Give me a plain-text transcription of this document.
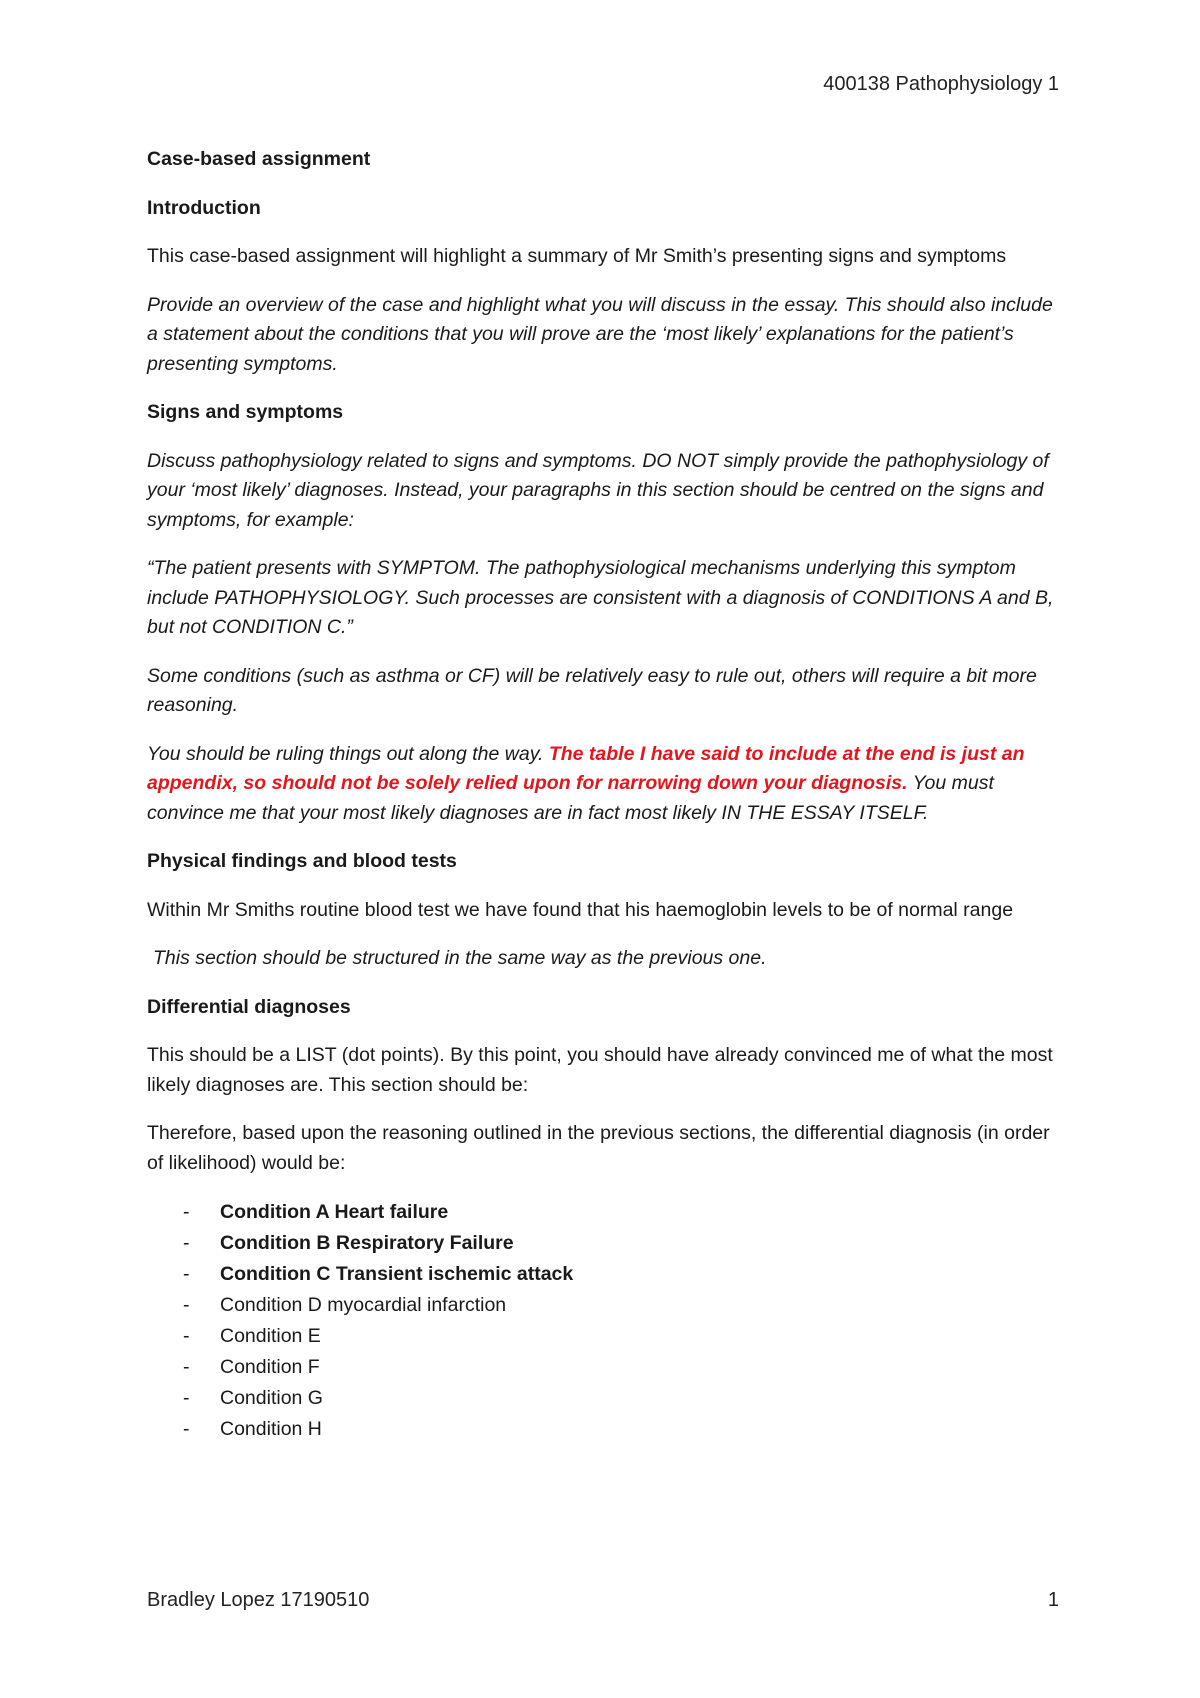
400138 Pathophysiology 1
Case-based assignment
Introduction

This case-based assignment will highlight a summary of Mr Smith’s presenting signs and symptoms

Provide an overview of the case and highlight what you will discuss in the essay. This should also include a statement about the conditions that you will prove are the ‘most likely’ explanations for the patient’s presenting symptoms.

Signs and symptoms

Discuss pathophysiology related to signs and symptoms. DO NOT simply provide the pathophysiology of your ‘most likely’ diagnoses. Instead, your paragraphs in this section should be centred on the signs and symptoms, for example:

“The patient presents with SYMPTOM. The pathophysiological mechanisms underlying this symptom include PATHOPHYSIOLOGY. Such processes are consistent with a diagnosis of CONDITIONS A and B, but not CONDITION C.”

Some conditions (such as asthma or CF) will be relatively easy to rule out, others will require a bit more reasoning.

You should be ruling things out along the way. The table I have said to include at the end is just an appendix, so should not be solely relied upon for narrowing down your diagnosis. You must convince me that your most likely diagnoses are in fact most likely IN THE ESSAY ITSELF.

Physical findings and blood tests

Within Mr Smiths routine blood test we have found that his haemoglobin levels to be of normal range

This section should be structured in the same way as the previous one.

Differential diagnoses

This should be a LIST (dot points). By this point, you should have already convinced me of what the most likely diagnoses are. This section should be:

Therefore, based upon the reasoning outlined in the previous sections, the differential diagnosis (in order of likelihood) would be:

- Condition A Heart failure
- Condition B Respiratory Failure
- Condition C Transient ischemic attack
- Condition D myocardial infarction
- Condition E
- Condition F
- Condition G
- Condition H
Bradley Lopez 17190510	1
